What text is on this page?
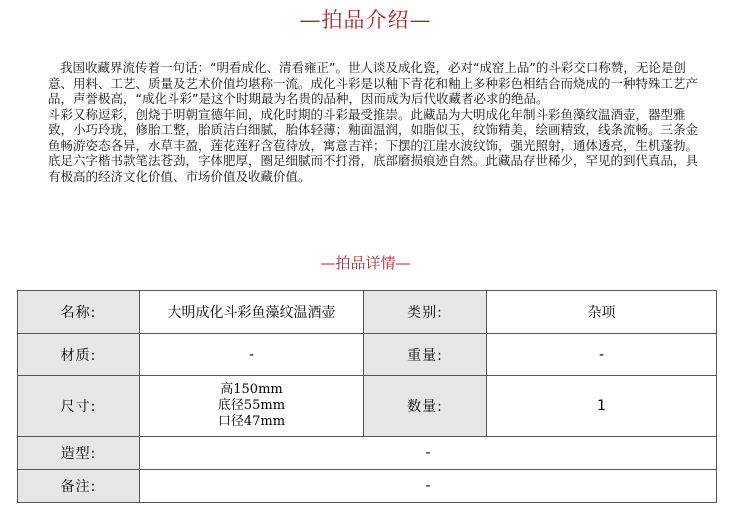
—拍品介绍—

我国收藏界流传着一句话：“明看成化、清看雍正”。世人谈及成化瓷，必对“成窑上品”的斗彩交口称赞，无论是创意、用料、工艺、质量及艺术价值均堪称一流。成化斗彩是以釉下青花和釉上多种彩色相结合而烧成的一种特殊工艺产品，声誉极高，“成化斗彩”是这个时期最为名贵的品种，因而成为后代收藏者必求的绝品。

斗彩又称逗彩，创烧于明朝宣德年间，成化时期的斗彩最受推崇。此藏品为大明成化年制斗彩鱼藻纹温酒壶，器型雅致，小巧玲珑，修胎工整，胎质洁白细腻，胎体轻薄；釉面温润，如脂似玉，纹饰精美，绘画精致，线条流畅。三条金鱼畅游姿态各异，水草丰盈，莲花莲籽含苞待放，寓意吉祥；下摆的江崖水波纹饰，强光照射，通体透亮，生机蓬勃。底足六字楷书款笔法苍劲，字体肥厚，圈足细腻而不打滑，底部磨损痕迹自然。此藏品存世稀少，罕见的到代真品，具有极高的经济文化价值、市场价值及收藏价值。

—拍品详情—
名称:	大明成化斗彩鱼藻纹温酒壶	类别:	杂项
材质:	-	重量:	-
尺寸:	高150mm
底径55mm
口径47mm	数量:	1
造型:	-		
备注:	-		
